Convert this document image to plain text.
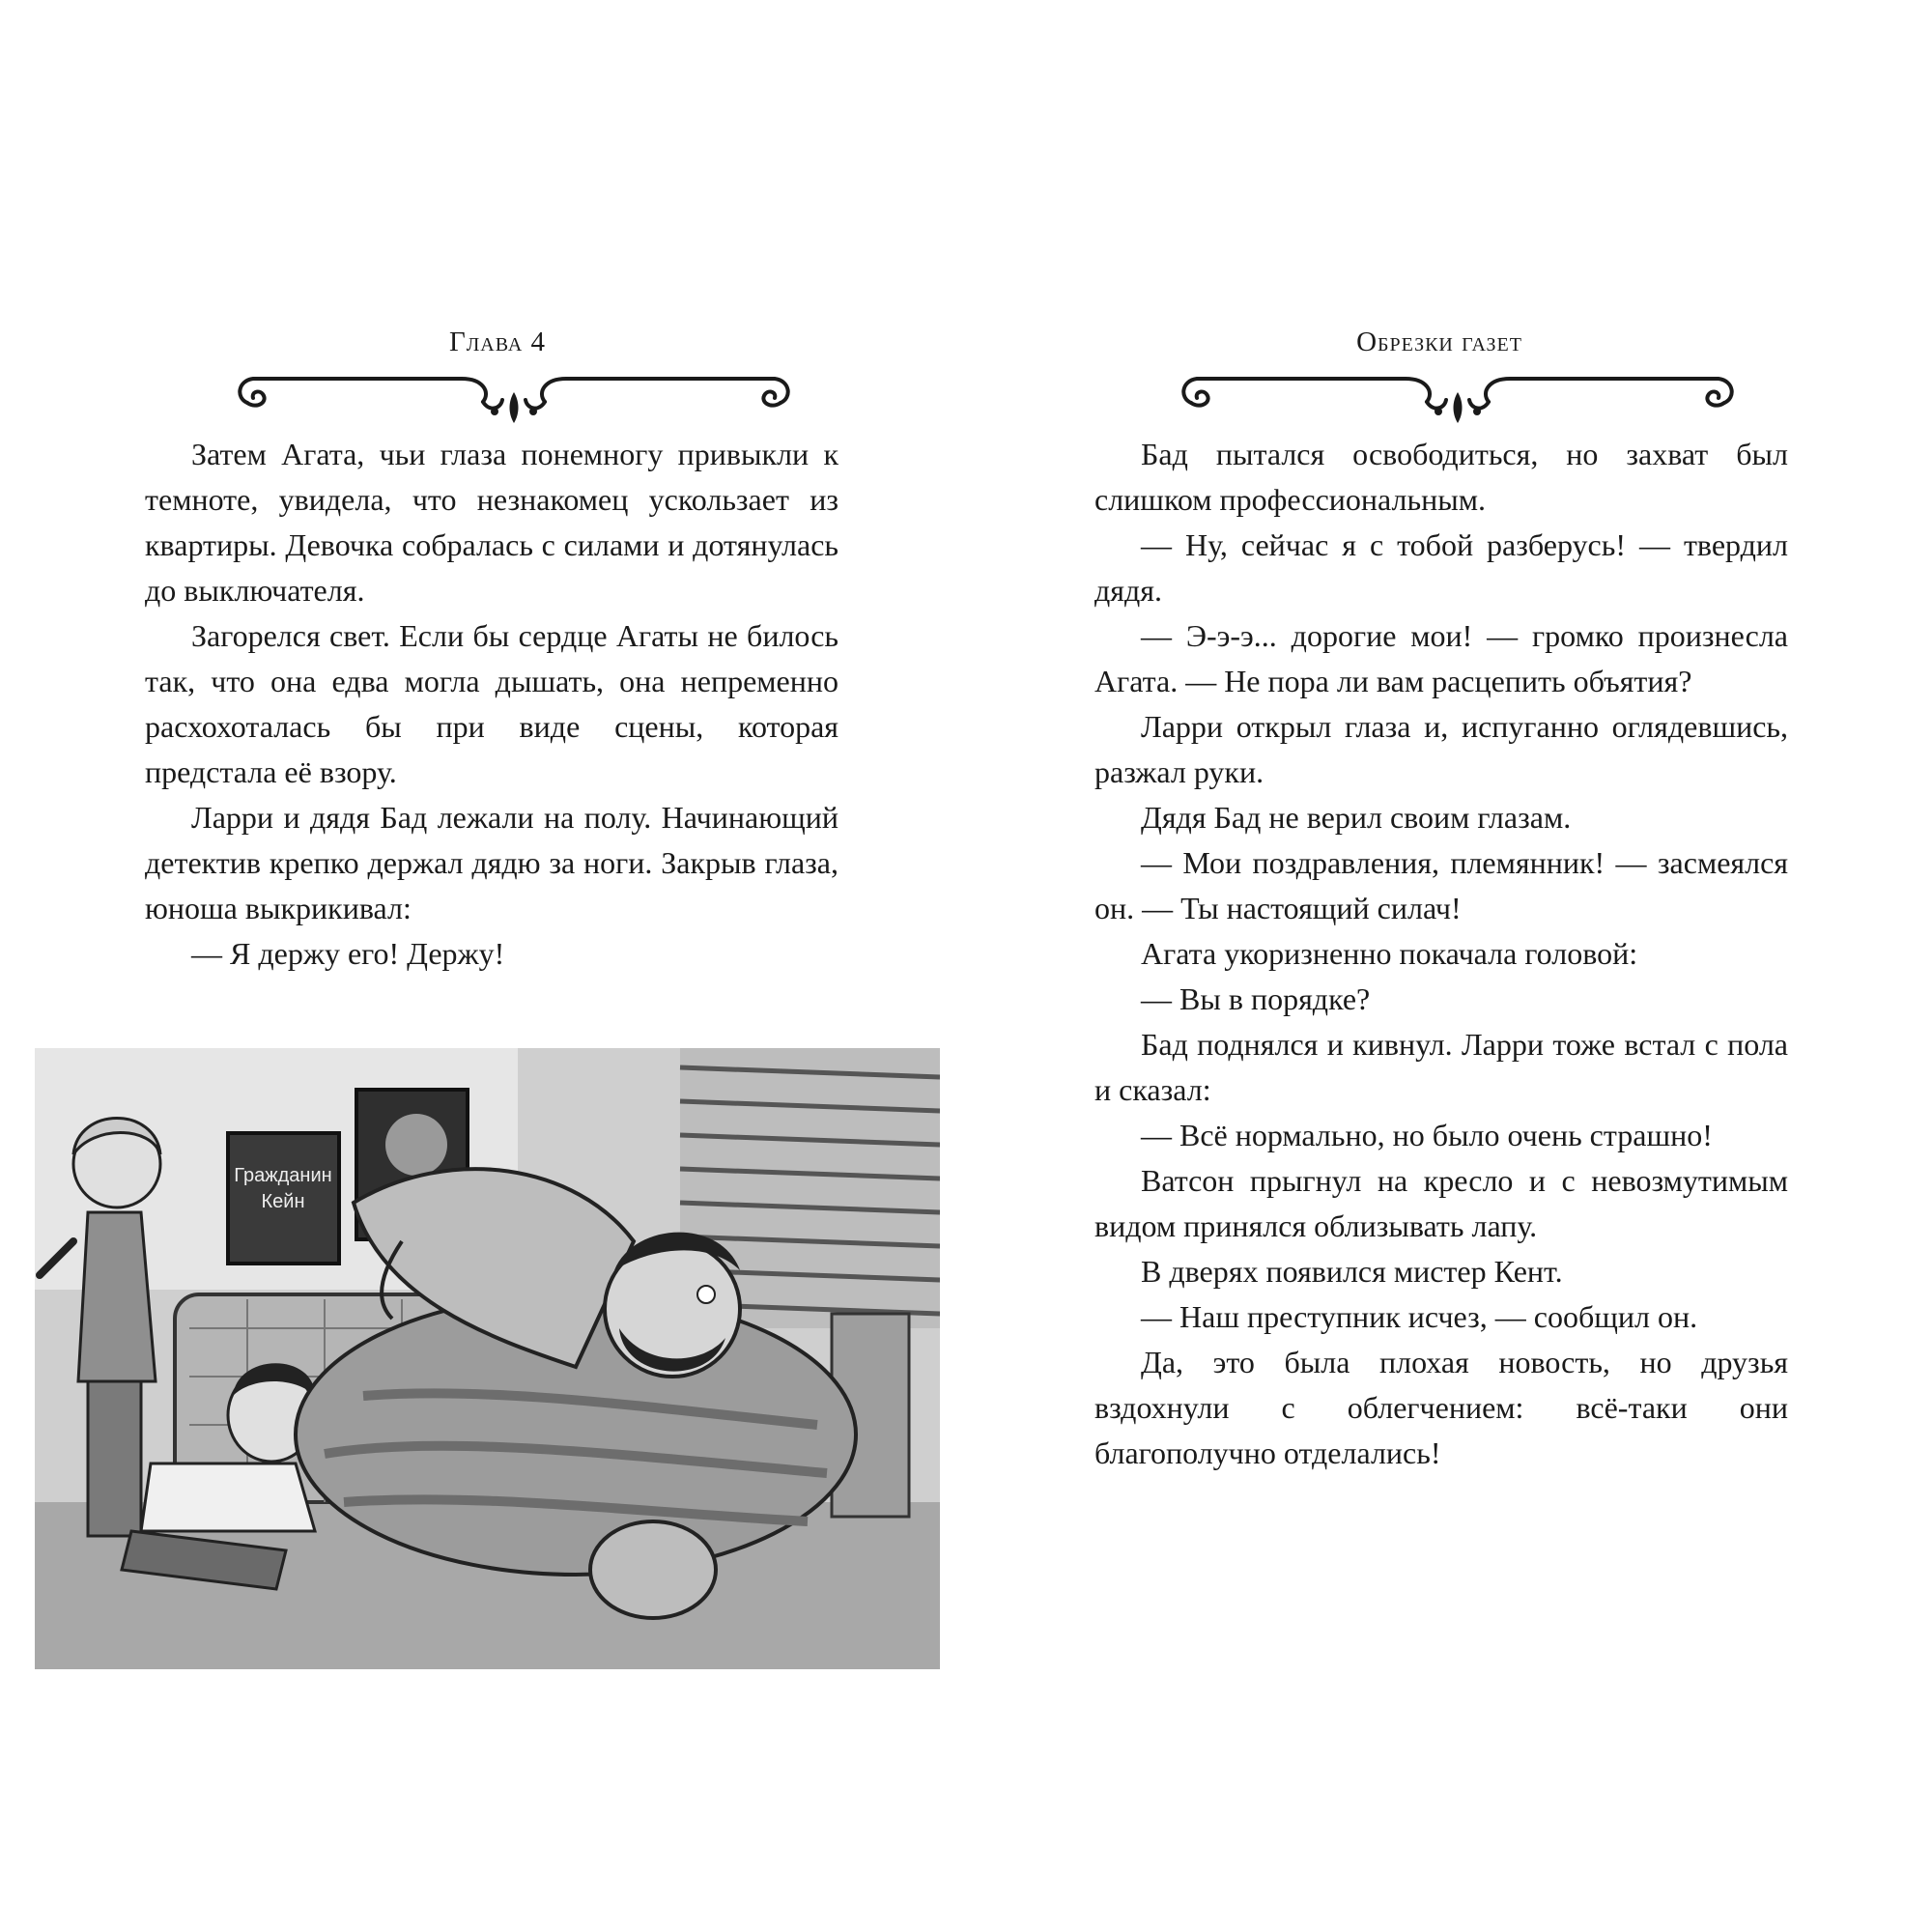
Глава 4

Затем Агата, чьи глаза понемногу привыкли к темноте, увидела, что незнакомец ускользает из квартиры. Девочка собралась с силами и дотянулась до выключателя.

Загорелся свет. Если бы сердце Агаты не билось так, что она едва могла дышать, она непременно расхохоталась бы при виде сцены, которая предстала её взору.

Ларри и дядя Бад лежали на полу. Начинающий детектив крепко держал дядю за ноги. Закрыв глаза, юноша выкрикивал:

— Я держу его! Держу!

Гражданин
Кейн
Обрезки газет

Бад пытался освободиться, но захват был слишком профессиональным.

— Ну, сейчас я с тобой разберусь! — твердил дядя.

— Э-э-э... дорогие мои! — громко произнесла Агата. — Не пора ли вам расцепить объятия?

Ларри открыл глаза и, испуганно оглядевшись, разжал руки.

Дядя Бад не верил своим глазам.

— Мои поздравления, племянник! — засмеялся он. — Ты настоящий силач!

Агата укоризненно покачала головой:

— Вы в порядке?

Бад поднялся и кивнул. Ларри тоже встал с пола и сказал:

— Всё нормально, но было очень страшно!

Ватсон прыгнул на кресло и с невозмутимым видом принялся облизывать лапу.

В дверях появился мистер Кент.

— Наш преступник исчез, — сообщил он.

Да, это была плохая новость, но друзья вздохнули с облегчением: всё-таки они благополучно отделались!
